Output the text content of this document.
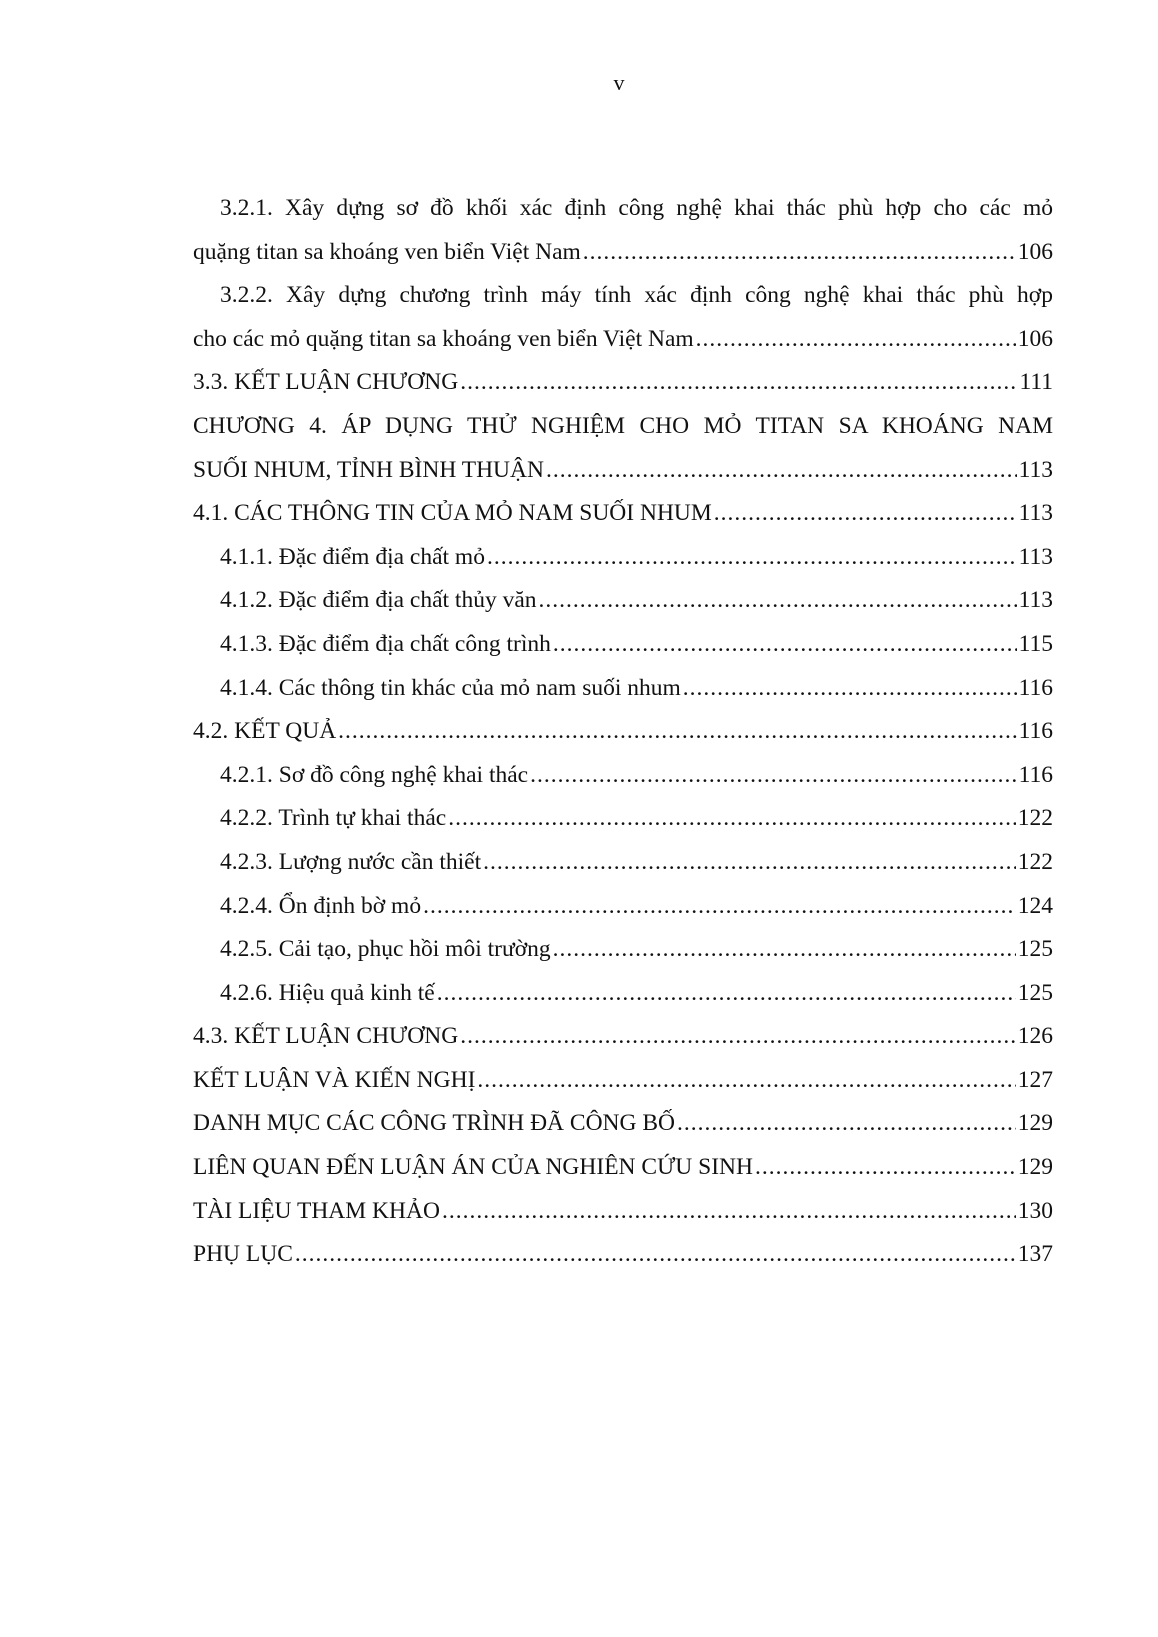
v
3.2.1. Xây dựng sơ đồ khối xác định công nghệ khai thác phù hợp cho các mỏ
quặng titan sa khoáng ven biển Việt Nam .....	106
3.2.2. Xây dựng chương trình máy tính xác định công nghệ khai thác phù hợp
cho các mỏ quặng titan sa khoáng ven biển Việt Nam .....	106
3.3. KẾT LUẬN CHƯƠNG .....	111
CHƯƠNG 4. ÁP DỤNG THỬ NGHIỆM CHO MỎ TITAN SA KHOÁNG NAM
SUỐI NHUM, TỈNH BÌNH THUẬN .....	113
4.1. CÁC THÔNG TIN CỦA MỎ NAM SUỐI NHUM .....	113
4.1.1. Đặc điểm địa chất mỏ .....	113
4.1.2. Đặc điểm địa chất thủy văn .....	113
4.1.3. Đặc điểm địa chất công trình .....	115
4.1.4. Các thông tin khác của mỏ nam suối nhum .....	116
4.2. KẾT QUẢ .....	116
4.2.1. Sơ đồ công nghệ khai thác .....	116
4.2.2. Trình tự khai thác .....	122
4.2.3. Lượng nước cần thiết .....	122
4.2.4. Ổn định bờ mỏ .....	124
4.2.5. Cải tạo, phục hồi môi trường .....	125
4.2.6. Hiệu quả kinh tế .....	125
4.3. KẾT LUẬN CHƯƠNG .....	126
KẾT LUẬN VÀ KIẾN NGHỊ .....	127
DANH MỤC CÁC CÔNG TRÌNH ĐÃ CÔNG BỐ .....	129
LIÊN QUAN ĐẾN LUẬN ÁN CỦA NGHIÊN CỨU SINH .....	129
TÀI LIỆU THAM KHẢO .....	130
PHỤ LỤC .....	137
